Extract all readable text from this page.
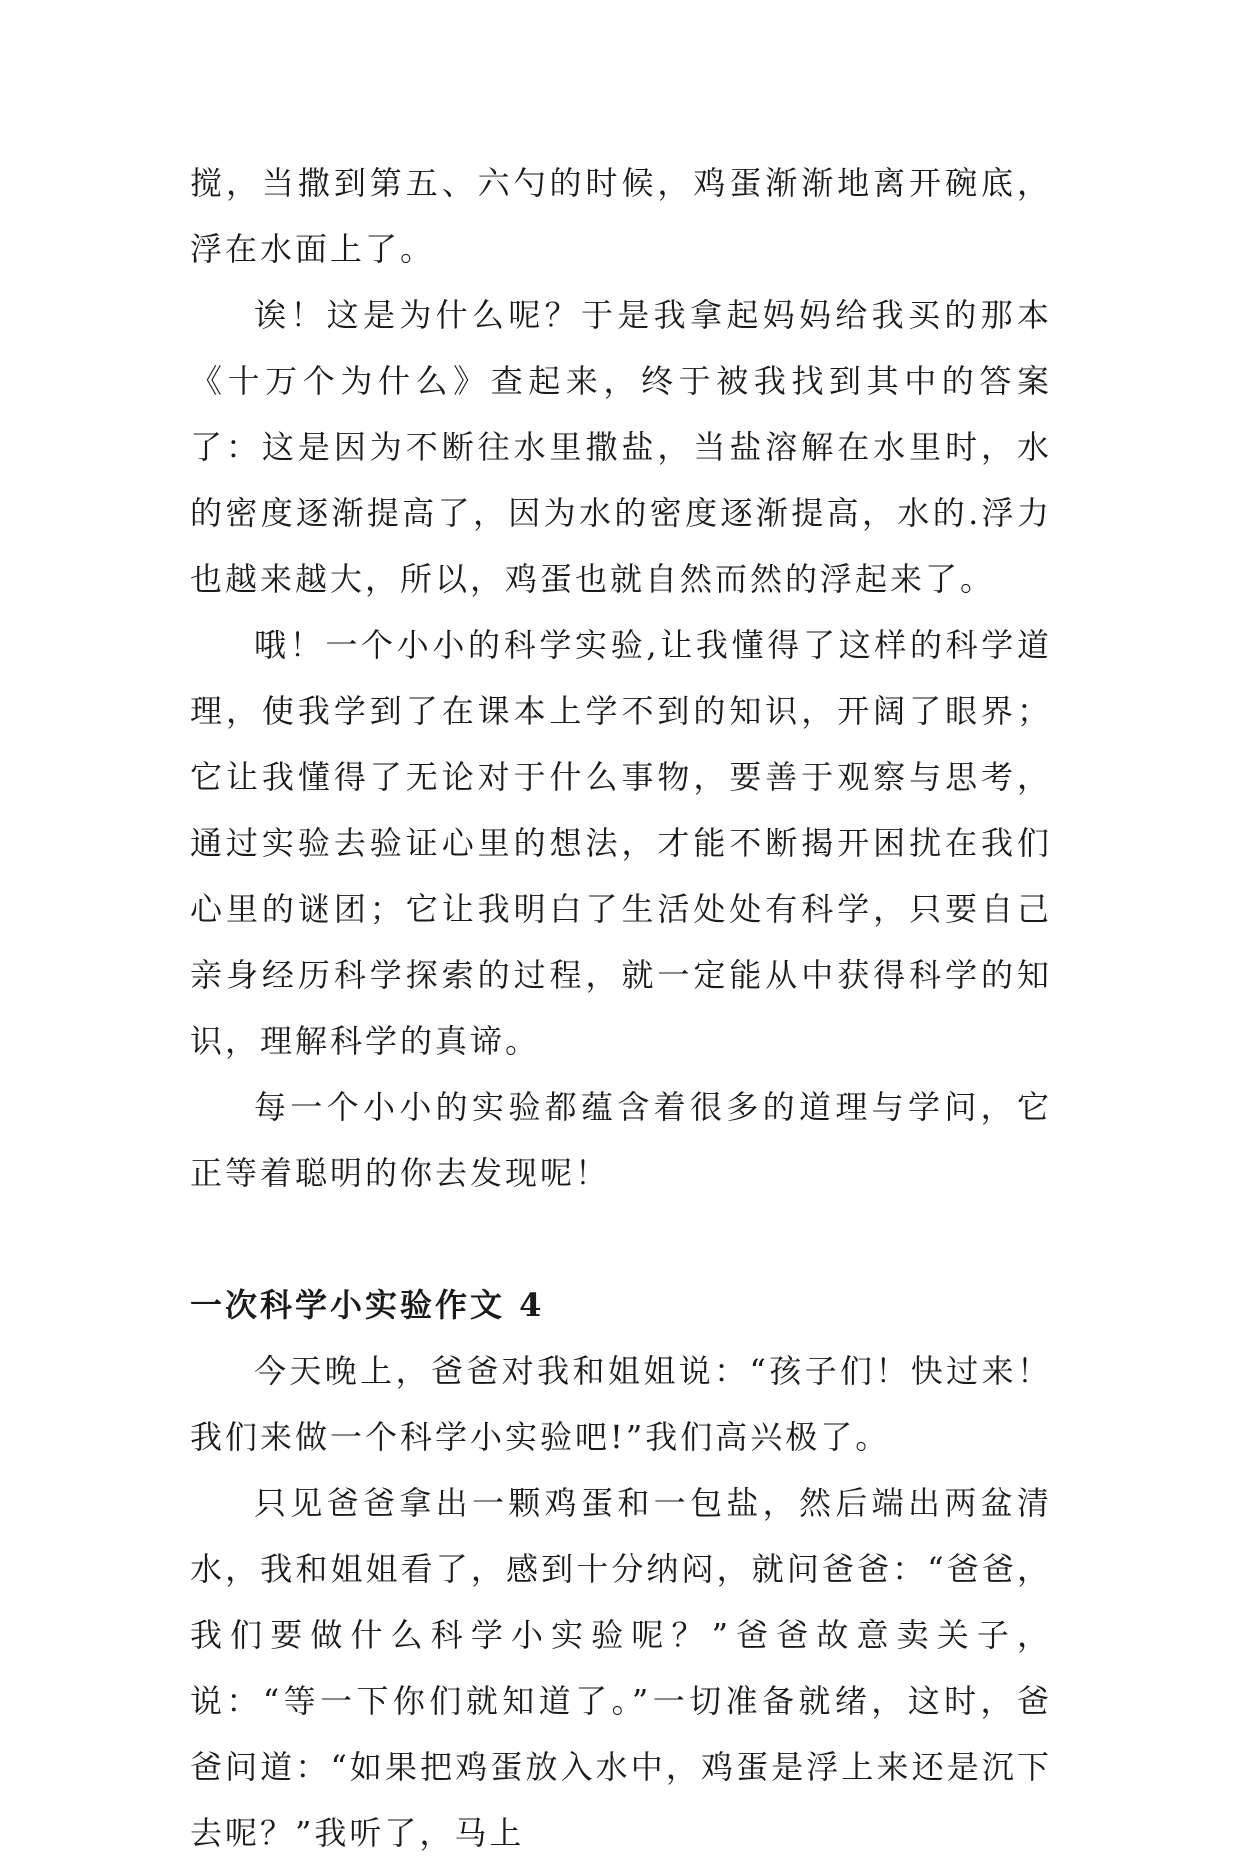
搅，当撒到第五、六勺的时候，鸡蛋渐渐地离开碗底，浮在水面上了。

诶！这是为什么呢？于是我拿起妈妈给我买的那本《十万个为什么》查起来，终于被我找到其中的答案了：这是因为不断往水里撒盐，当盐溶解在水里时，水的密度逐渐提高了，因为水的密度逐渐提高，水的.浮力也越来越大，所以，鸡蛋也就自然而然的浮起来了。

哦！一个小小的科学实验,让我懂得了这样的科学道理，使我学到了在课本上学不到的知识，开阔了眼界；它让我懂得了无论对于什么事物，要善于观察与思考，通过实验去验证心里的想法，才能不断揭开困扰在我们心里的谜团；它让我明白了生活处处有科学，只要自己亲身经历科学探索的过程，就一定能从中获得科学的知识，理解科学的真谛。

每一个小小的实验都蕴含着很多的道理与学问，它正等着聪明的你去发现呢！

一次科学小实验作文 4

今天晚上，爸爸对我和姐姐说：“孩子们！快过来！我们来做一个科学小实验吧!”我们高兴极了。

只见爸爸拿出一颗鸡蛋和一包盐，然后端出两盆清水，我和姐姐看了，感到十分纳闷，就问爸爸：“爸爸，我们要做什么科学小实验呢？”爸爸故意卖关子，说：“等一下你们就知道了。”一切准备就绪，这时，爸爸问道：“如果把鸡蛋放入水中，鸡蛋是浮上来还是沉下去呢？”我听了，马上
